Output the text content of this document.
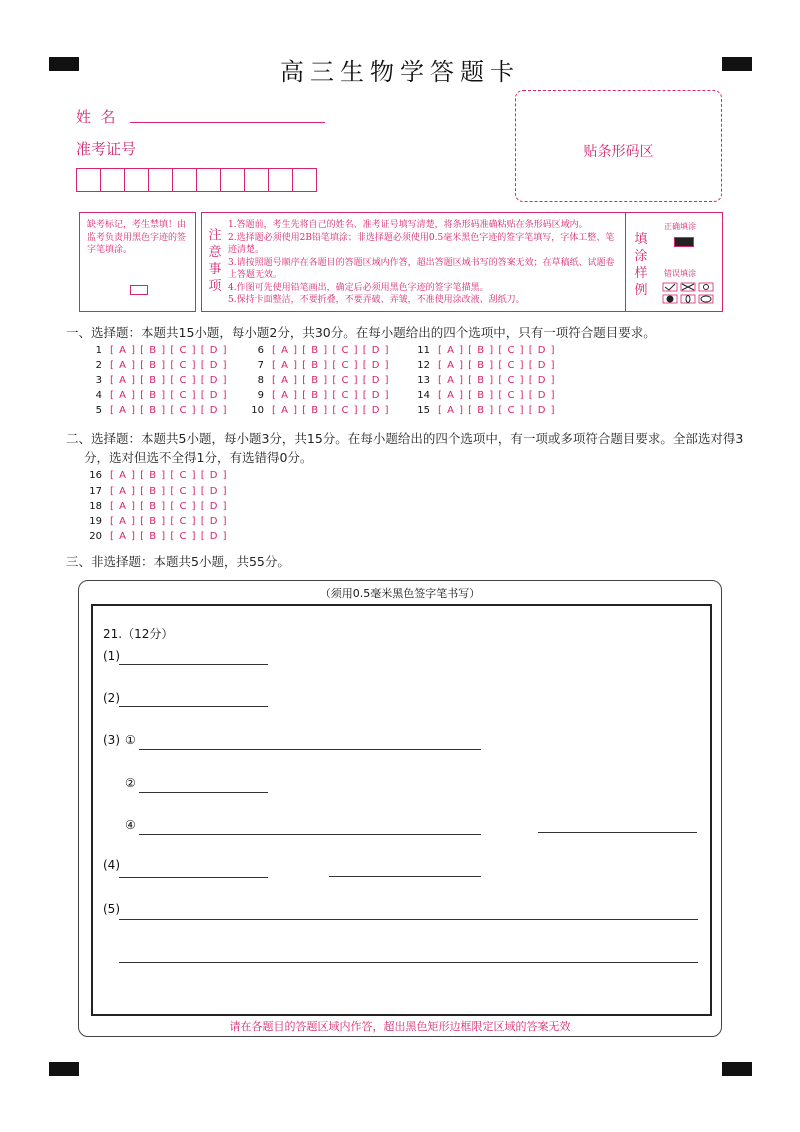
高三生物学答题卡
姓  名
准考证号	贴条形码区
缺考标记，考生禁填！由监考负责用黑色字迹的签字笔填涂。
注意事项
1.答题前，考生先将自己的姓名、准考证号填写清楚，将条形码准确粘贴在条形码区域内。
2.选择题必须使用2B铅笔填涂；非选择题必须使用0.5毫米黑色字迹的签字笔填写，字体工整、笔迹清楚。
3.请按照题号顺序在各题目的答题区域内作答，超出答题区域书写的答案无效；在草稿纸、试题卷上答题无效。
4.作图可先使用铅笔画出，确定后必须用黑色字迹的签字笔描黑。
5.保持卡面整洁，不要折叠，不要弄破、弄皱，不准使用涂改液、刮纸刀。
填涂样例
正确填涂
错误填涂
一、选择题：本题共15小题，每小题2分，共30分。在每小题给出的四个选项中，只有一项符合题目要求。
1 [ A ] [ B ] [ C ] [ D ]
2 [ A ] [ B ] [ C ] [ D ]
3 [ A ] [ B ] [ C ] [ D ]
4 [ A ] [ B ] [ C ] [ D ]
5 [ A ] [ B ] [ C ] [ D ]
6 [ A ] [ B ] [ C ] [ D ]
7 [ A ] [ B ] [ C ] [ D ]
8 [ A ] [ B ] [ C ] [ D ]
9 [ A ] [ B ] [ C ] [ D ]
10 [ A ] [ B ] [ C ] [ D ]
11 [ A ] [ B ] [ C ] [ D ]
12 [ A ] [ B ] [ C ] [ D ]
13 [ A ] [ B ] [ C ] [ D ]
14 [ A ] [ B ] [ C ] [ D ]
15 [ A ] [ B ] [ C ] [ D ]
二、选择题：本题共5小题，每小题3分，共15分。在每小题给出的四个选项中，有一项或多项符合题目要求。全部选对得3
分，选对但选不全得1分，有选错得0分。
16 [ A ] [ B ] [ C ] [ D ]
17 [ A ] [ B ] [ C ] [ D ]
18 [ A ] [ B ] [ C ] [ D ]
19 [ A ] [ B ] [ C ] [ D ]
20 [ A ] [ B ] [ C ] [ D ]
三、非选择题：本题共5小题，共55分。
（须用0.5毫米黑色签字笔书写）
21.（12分）
(1)
(2)
(3) ①
②
④
(4)
(5)
请在各题目的答题区域内作答，超出黑色矩形边框限定区域的答案无效
